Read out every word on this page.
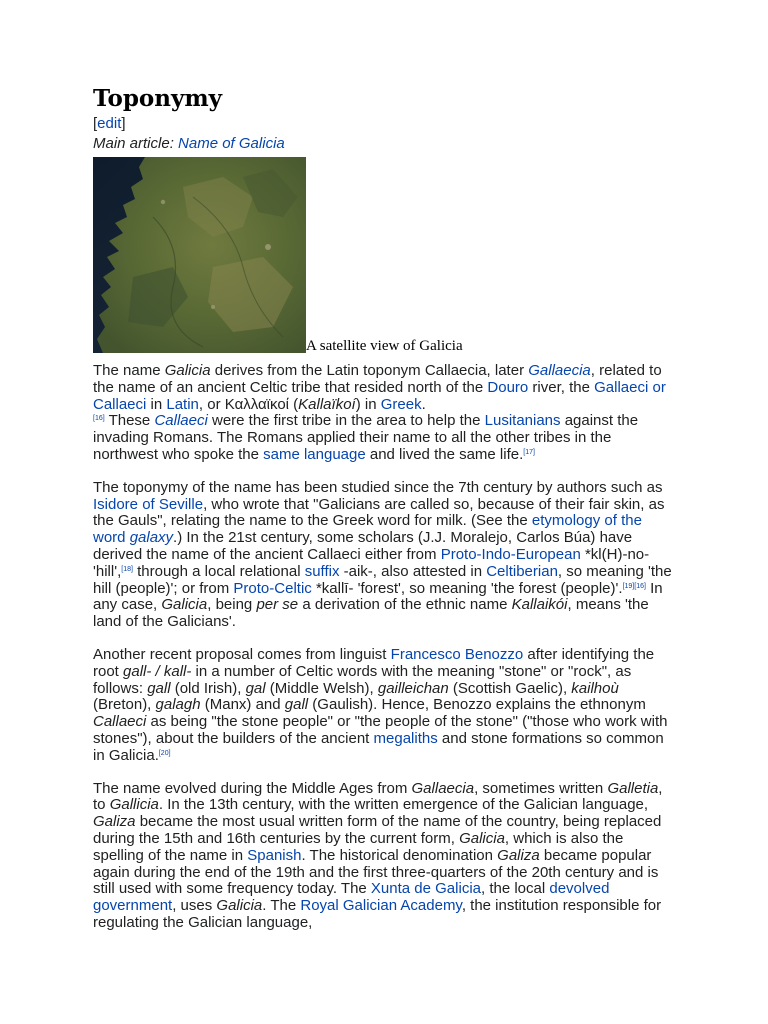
Toponymy
[edit]
Main article: Name of Galicia
A satellite view of Galicia

The name Galicia derives from the Latin toponym Callaecia, later Gallaecia, related to the name of an ancient Celtic tribe that resided north of the Douro river, the Gallaeci or Callaeci in Latin, or Καλλαϊκοί (Kallaïkoí) in Greek.
[16] These Callaeci were the first tribe in the area to help the Lusitanians against the invading Romans. The Romans applied their name to all the other tribes in the northwest who spoke the same language and lived the same life.[17]

The toponymy of the name has been studied since the 7th century by authors such as Isidore of Seville, who wrote that "Galicians are called so, because of their fair skin, as the Gauls", relating the name to the Greek word for milk. (See the etymology of the word galaxy.) In the 21st century, some scholars (J.J. Moralejo, Carlos Búa) have derived the name of the ancient Callaeci either from Proto-Indo-European *kl(H)-no- 'hill',[18] through a local relational suffix -aik-, also attested in Celtiberian, so meaning 'the hill (people)'; or from Proto-Celtic *kallī- 'forest', so meaning 'the forest (people)'.[19][16] In any case, Galicia, being per se a derivation of the ethnic name Kallaikói, means 'the land of the Galicians'.

Another recent proposal comes from linguist Francesco Benozzo after identifying the root gall- / kall- in a number of Celtic words with the meaning "stone" or "rock", as follows: gall (old Irish), gal (Middle Welsh), gailleichan (Scottish Gaelic), kailhoù (Breton), galagh (Manx) and gall (Gaulish). Hence, Benozzo explains the ethnonym Callaeci as being "the stone people" or "the people of the stone" ("those who work with stones"), about the builders of the ancient megaliths and stone formations so common in Galicia.[20]

The name evolved during the Middle Ages from Gallaecia, sometimes written Galletia, to Gallicia. In the 13th century, with the written emergence of the Galician language, Galiza became the most usual written form of the name of the country, being replaced during the 15th and 16th centuries by the current form, Galicia, which is also the spelling of the name in Spanish. The historical denomination Galiza became popular again during the end of the 19th and the first three-quarters of the 20th century and is still used with some frequency today. The Xunta de Galicia, the local devolved government, uses Galicia. The Royal Galician Academy, the institution responsible for regulating the Galician language,
